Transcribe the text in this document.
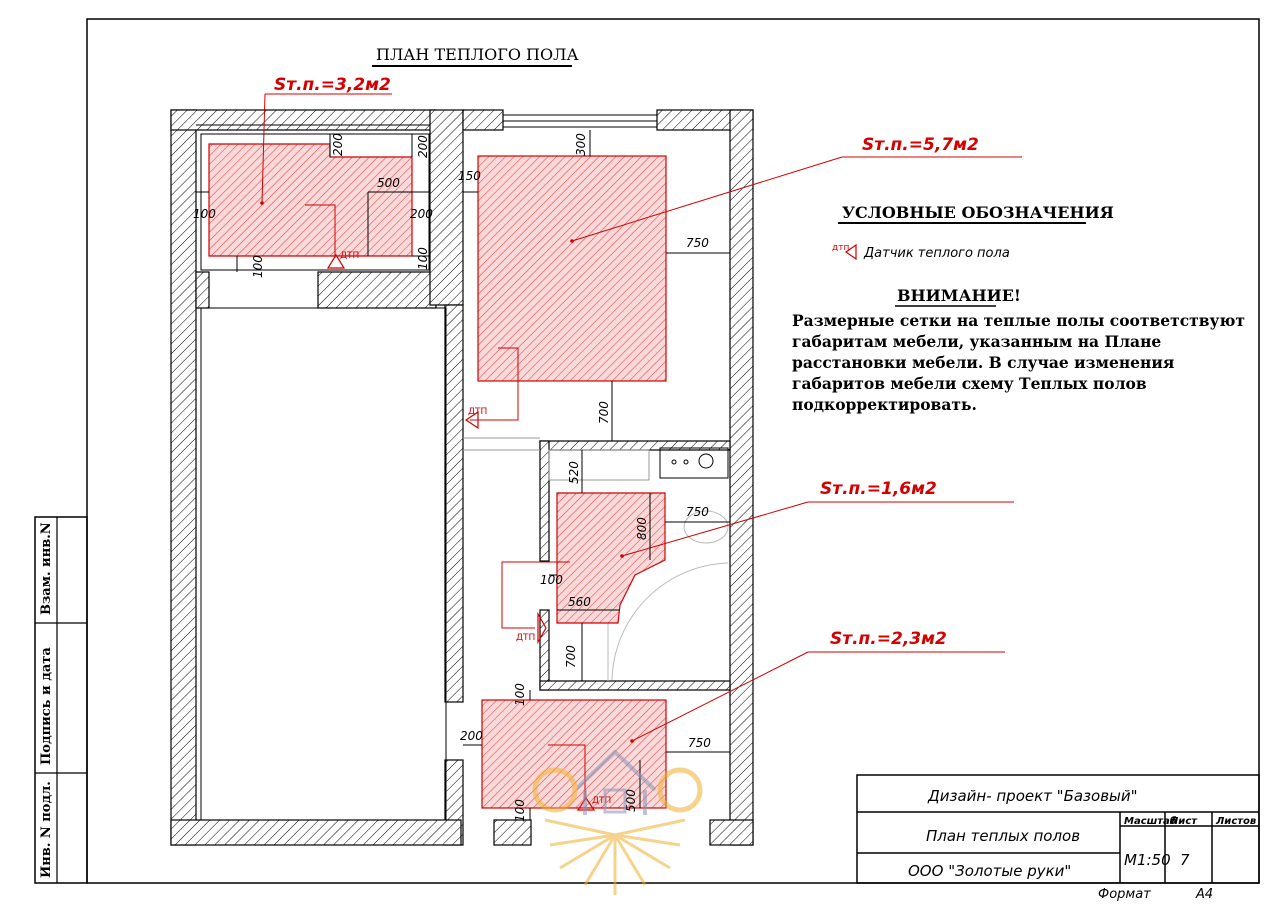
Взам. инв.N
Подпись и дата
Инв. N подл.
ПЛАН ТЕПЛОГО ПОЛА
Sт.п.=3,2м2
Sт.п.=5,7м2
Sт.п.=1,6м2
Sт.п.=2,3м2
ДТП
ДТП
ДТП
ДТП
100
200
500
100
200
100
200
300
150
750
700
520
750
800
100
560
700
100
200	750
500
100
УСЛОВНЫЕ ОБОЗНАЧЕНИЯ
дтп Датчик теплого пола
ВНИМАНИЕ!
Дизайн- проект "Базовый"
План теплых полов
ООО "Золотые руки"
Масштаб
Лист Листов
М1:50 7
Формат	А4
Размерные сетки на теплые полы соответствуют габаритам мебели, указанным на Плане расстановки мебели. В случае изменения габаритов мебели схему Теплых полов подкорректировать.
